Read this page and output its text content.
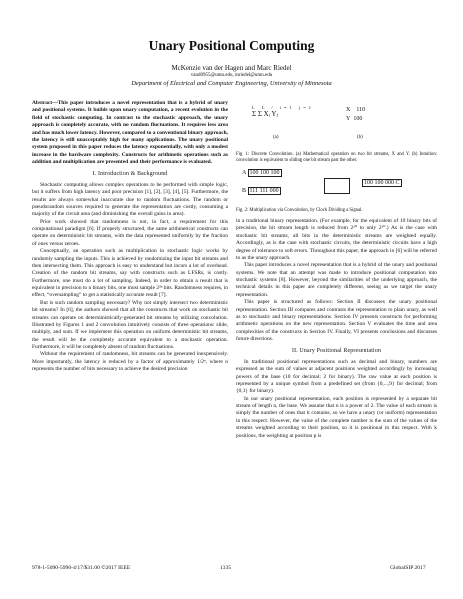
Unary Positional Computing
McKenzie van der Hagen and Marc Riedel
vand0955@umn.edu, mriedel@umn.edu
Department of Electrical and Computer Engineering, University of Minnesota

Abstract—This paper introduces a novel representation that is a hybrid of unary and positional systems. It builds upon unary computation, a recent evolution in the field of stochastic computing. In contrast to the stochastic approach, the unary approach is completely accurate, with no random fluctuations. It requires less area and has much lower latency. However, compared to a conventional binary approach, the latency is still unacceptably high for many applications. The unary positional system proposed in this paper reduces the latency exponentially, with only a modest increase in the hardware complexity. Constructs for arithmetic operations such as addition and multiplication are presented and their performance is evaluated.

I. Introduction & Background

Stochastic computing allows complex operations to be performed with simple logic, but it suffers from high latency and poor precision [1], [2], [3], [4], [5]. Furthermore, the results are always somewhat inaccurate due to random fluctuations. The random or pseudorandom sources required to generate the representation are costly, consuming a majority of the circuit area (and diminishing the overall gains in area).

Prior work showed that randomness is not, in fact, a requirement for this computational paradigm [6]. If properly structured, the same arithmetical constructs can operate on deterministic bit streams, with the data represented uniformly by the fraction of ones versus zeroes.

Conceptually, an operation such as multiplication in stochastic logic works by randomly sampling the inputs. This is achieved by randomizing the input bit streams and then intersecting them. This approach is easy to understand but incurs a lot of overhead. Creation of the random bit streams, say with constructs such as LFSRs, is costly. Furthermore, one must do a lot of sampling. Indeed, in order to obtain a result that is equivalent in precision to n binary bits, one must sample 2²ⁿ bits. Randomness requires, in effect, “oversampling” to get a statistically accurate result [7].

But is such random sampling necessary? Why not simply intersect two deterministic bit streams? In [6], the authors showed that all the constructs that work on stochastic bit streams can operate on deterministically-generated bit streams by utilizing convolution. Illustrated by Figures 1 and 2 convolution intuitively consists of three operations: slide, multiply, and sum. If we implement this operation on uniform deterministic bit streams, the result will be the completely accurate equivalent to a stochastic operation. Furthermore, it will be completely absent of random fluctuations.

Without the requirement of randomness, bit streams can be generated inexpensively. More importantly, the latency is reduced by a factor of approximately 1/2ⁿ, where n represents the number of bits necessary to achieve the desired precision

L L / i=1 j=1
Σ Σ Xᵢ Yⱼ
X 110
Y 100
(a)	(b)
Fig. 1: Discrete Convolution. (a) Mathematical operation on two bit streams, X and Y. (b) Intuition: convolution is equivalent to sliding one bit stream past the other.
A 100 100 100
B 111 111 000
100 100 000 C
Fig. 2: Multiplication via Convolution, by Clock Dividing a Signal.

in a traditional binary representation. (For example, for the equivalent of 10 binary bits of precision, the bit stream length is reduced from 2²⁰ to only 2¹⁰.) As is the case with stochastic bit streams, all bits in the deterministic streams are weighted equally. Accordingly, as is the case with stochastic circuits, the deterministic circuits have a high degree of tolerance to soft errors. Throughout this paper, the approach in [6] will be referred to as the unary approach.

This paper introduces a novel representation that is a hybrid of the unary and positional systems. We note that an attempt was made to introduce positional computation into stochastic systems [8]. However, beyond the similarities of the underlying approach, the technical details in this paper are completely different, seeing as we target the unary representation.

This paper is structured as follows: Section II discusses the unary positional representation. Section III compares and contrasts the representation to plain unary, as well as to stochastic and binary representations. Section IV presents constructs for performing arithmetic operations on the new representation. Section V evaluates the time and area complexities of the constructs in Section IV. Finally, VI presents conclusions and discusses future directions.

II. Unary Positional Representation

In traditional positional representations such as decimal and binary, numbers are expressed as the sum of values at adjacent positions weighted accordingly by increasing powers of the base (10 for decimal; 2 for binary). The raw value at each position is represented by a unique symbol from a predefined set (from {0,...,9} for decimal; from {0,1} for binary).

In our unary positional representation, each position is represented by a separate bit stream of length n, the base. We assume that n is a power of 2. The value of each stream is simply the number of ones that it contains, so we have a unary (or uniform) representation in this respect. However, the value of the complete number is the sum of the values of the streams weighted according to their position, so it is positional in this respect. With k positions, the weighting at position p is

978-1-5090-5990-4/17/$31.00 ©2017 IEEE	1335	GlobalSIP 2017
